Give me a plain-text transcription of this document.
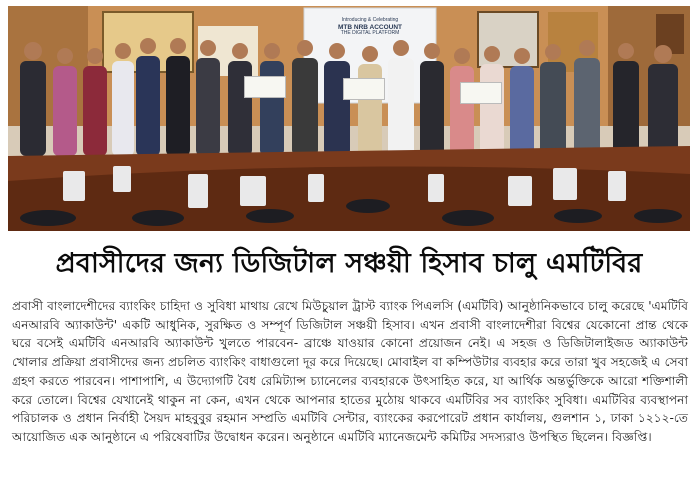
Introducing & Celebrating
MTB NRB ACCOUNT
THE DIGITAL PLATFORM
প্রবাসীদের জন্য ডিজিটাল সঞ্চয়ী হিসাব চালু এমটিবির

প্রবাসী বাংলাদেশীদের ব্যাংকিং চাহিদা ও সুবিধা মাথায় রেখে মিউচুয়াল ট্রাস্ট ব্যাংক পিএলসি (এমটিবি) আনুষ্ঠানিকভাবে চালু করেছে 'এমটিবি এনআরবি অ্যাকাউন্ট' একটি আধুনিক, সুরক্ষিত ও সম্পূর্ণ ডিজিটাল সঞ্চয়ী হিসাব। এখন প্রবাসী বাংলাদেশীরা বিশ্বের যেকোনো প্রান্ত থেকে ঘরে বসেই এমটিবি এনআরবি অ্যাকাউন্ট খুলতে পারবেন- ব্রাঞ্চে যাওয়ার কোনো প্রয়োজন নেই। এ সহজ ও ডিজিটালাইজড অ্যাকাউন্ট খোলার প্রক্রিয়া প্রবাসীদের জন্য প্রচলিত ব্যাংকিং বাধাগুলো দূর করে দিয়েছে। মোবাইল বা কম্পিউটার ব্যবহার করে তারা খুব সহজেই এ সেবা গ্রহণ করতে পারবেন। পাশাপাশি, এ উদ্যোগটি বৈধ রেমিট্যান্স চ্যানেলের ব্যবহারকে উৎসাহিত করে, যা আর্থিক অন্তর্ভুক্তিকে আরো শক্তিশালী করে তোলে। বিশ্বের যেখানেই থাকুন না কেন, এখন থেকে আপনার হাতের মুঠোয় থাকবে এমটিবির সব ব্যাংকিং সুবিধা। এমটিবির ব্যবস্থাপনা পরিচালক ও প্রধান নির্বাহী সৈয়দ মাহবুবুর রহমান সম্প্রতি এমটিবি সেন্টার, ব্যাংকের করপোরেট প্রধান কার্যালয়, গুলশান ১, ঢাকা ১২১২-তে আয়োজিত এক আনুষ্ঠানে এ পরিষেবাটির উদ্বোধন করেন। অনুষ্ঠানে এমটিবি ম্যানেজমেন্ট কমিটির সদস্যরাও উপস্থিত ছিলেন। বিজ্ঞপ্তি।
